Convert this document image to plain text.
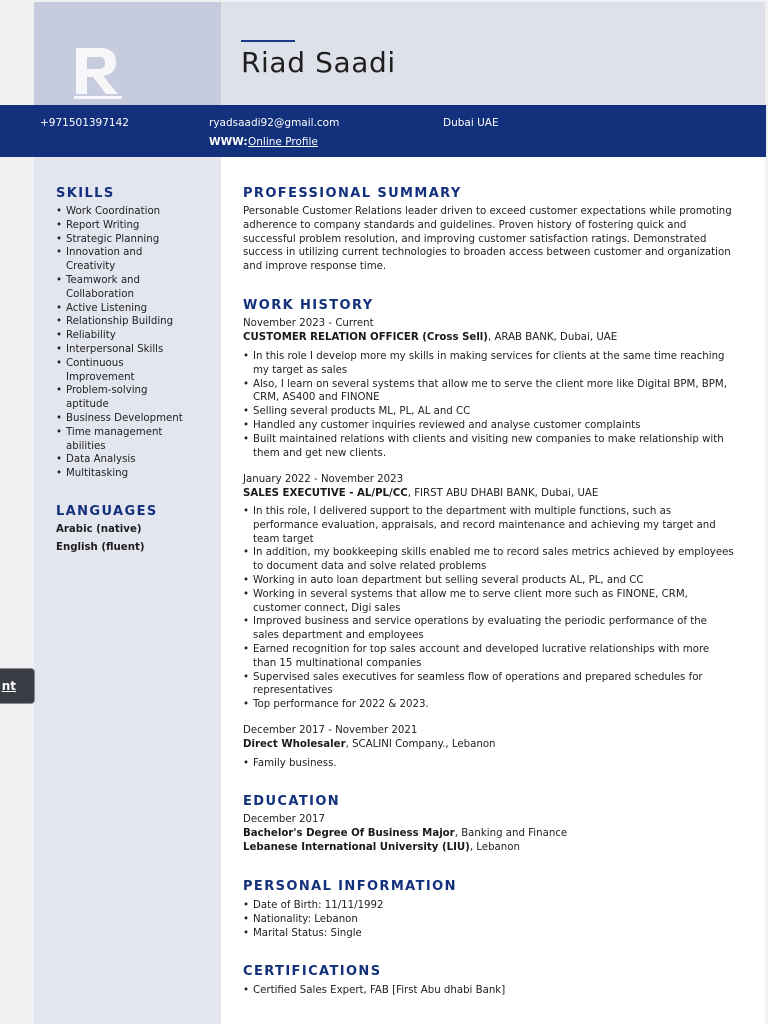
Riad Saadi
SKILLS
• Work Coordination
• Report Writing
• Strategic Planning
• Innovation and Creativity
• Teamwork and Collaboration
• Active Listening
• Relationship Building
• Reliability
• Interpersonal Skills
• Continuous Improvement
• Problem-solving aptitude
• Business Development
• Time management abilities
• Data Analysis
• Multitasking
LANGUAGES
Arabic (native)
English (fluent)
PROFESSIONAL SUMMARY
Personable Customer Relations leader driven to exceed customer expectations while promoting adherence to company standards and guidelines. Proven history of fostering quick and successful problem resolution, and improving customer satisfaction ratings. Demonstrated success in utilizing current technologies to broaden access between customer and organization and improve response time.
WORK HISTORY
November 2023 - Current
CUSTOMER RELATION OFFICER (Cross Sell), ARAB BANK, Dubai, UAE
• In this role I develop more my skills in making services for clients at the same time reaching my target as sales
• Also, I learn on several systems that allow me to serve the client more like Digital BPM, BPM, CRM, AS400 and FINONE
• Selling several products ML, PL, AL and CC
• Handled any customer inquiries reviewed and analyse customer complaints
• Built maintained relations with clients and visiting new companies to make relationship with them and get new clients.
January 2022 - November 2023
SALES EXECUTIVE - AL/PL/CC, FIRST ABU DHABI BANK, Dubai, UAE
• In this role, I delivered support to the department with multiple functions, such as performance evaluation, appraisals, and record maintenance and achieving my target and team target
• In addition, my bookkeeping skills enabled me to record sales metrics achieved by employees to document data and solve related problems
• Working in auto loan department but selling several products AL, PL, and CC
• Working in several systems that allow me to serve client more such as FINONE, CRM, customer connect, Digi sales
• Improved business and service operations by evaluating the periodic performance of the sales department and employees
• Earned recognition for top sales account and developed lucrative relationships with more than 15 multinational companies
• Supervised sales executives for seamless flow of operations and prepared schedules for representatives
• Top performance for 2022 & 2023.
December 2017 - November 2021
Direct Wholesaler, SCALINI Company., Lebanon
• Family business.
EDUCATION
December 2017
Bachelor's Degree Of Business Major, Banking and Finance
Lebanese International University (LIU), Lebanon
PERSONAL INFORMATION
• Date of Birth: 11/11/1992
• Nationality: Lebanon
• Marital Status: Single
CERTIFICATIONS
• Certified Sales Expert, FAB [First Abu dhabi Bank]
+971501397142	ryadsaadi92@gmail.com	Dubai UAE
WWW: Online Profile
nt
